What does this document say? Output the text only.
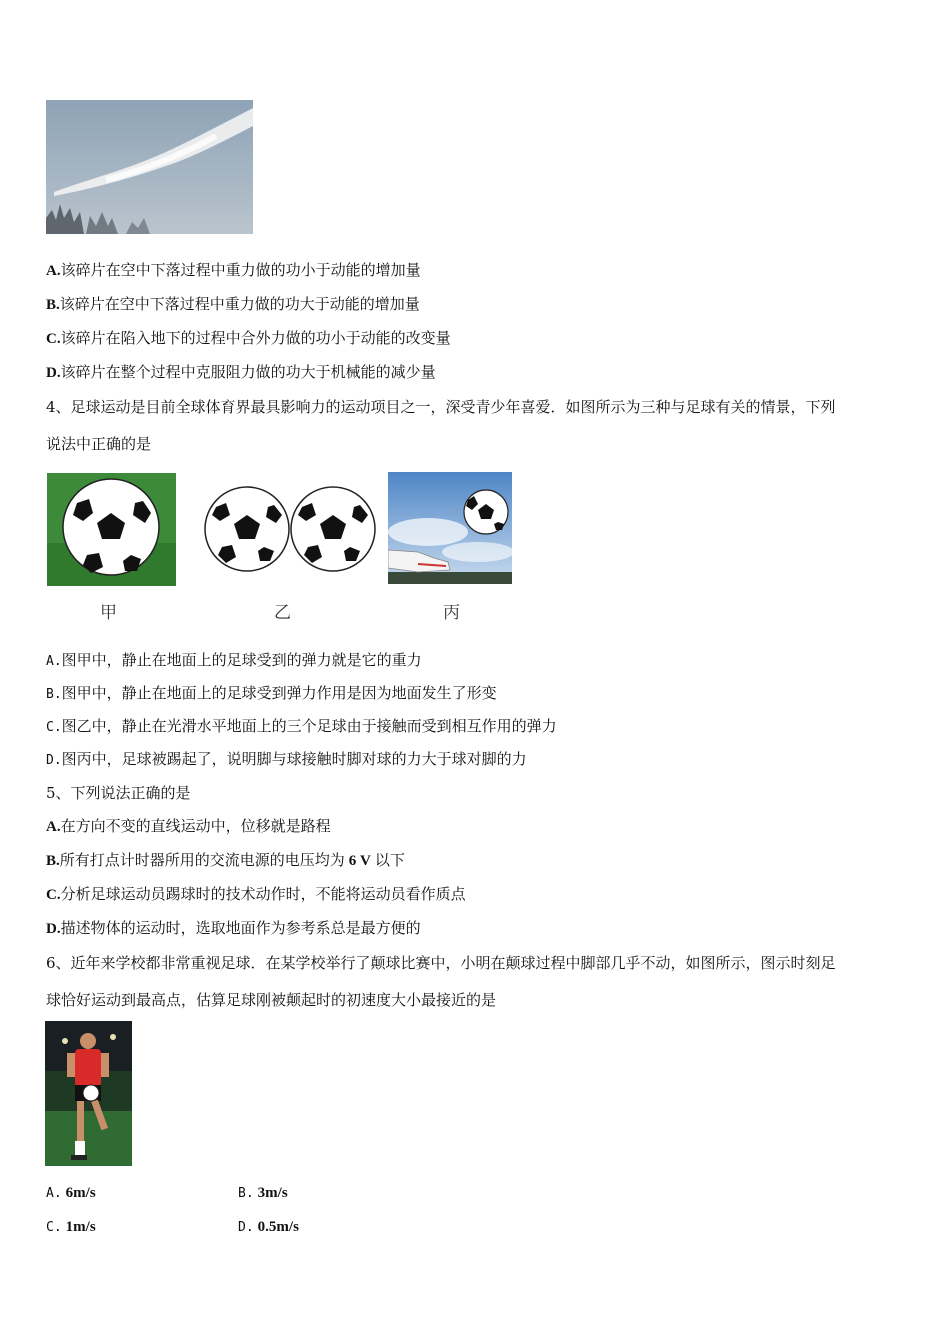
A.该碎片在空中下落过程中重力做的功小于动能的增加量
B.该碎片在空中下落过程中重力做的功大于动能的增加量
C.该碎片在陷入地下的过程中合外力做的功小于动能的改变量
D.该碎片在整个过程中克服阻力做的功大于机械能的减少量
4、足球运动是目前全球体育界最具影响力的运动项目之一，深受青少年喜爱．如图所示为三种与足球有关的情景，下列
说法中正确的是
甲	乙	丙
A.图甲中，静止在地面上的足球受到的弹力就是它的重力
B.图甲中，静止在地面上的足球受到弹力作用是因为地面发生了形变
C.图乙中，静止在光滑水平地面上的三个足球由于接触而受到相互作用的弹力
D.图丙中，足球被踢起了，说明脚与球接触时脚对球的力大于球对脚的力
5、下列说法正确的是
A.在方向不变的直线运动中，位移就是路程
B.所有打点计时器所用的交流电源的电压均为 6 V 以下
C.分析足球运动员踢球时的技术动作时，不能将运动员看作质点
D.描述物体的运动时，选取地面作为参考系总是最方便的
6、近年来学校都非常重视足球．在某学校举行了颠球比赛中，小明在颠球过程中脚部几乎不动，如图所示，图示时刻足
球恰好运动到最高点，估算足球刚被颠起时的初速度大小最接近的是
A. 6m/s	B. 3m/s
C. 1m/s	D. 0.5m/s
